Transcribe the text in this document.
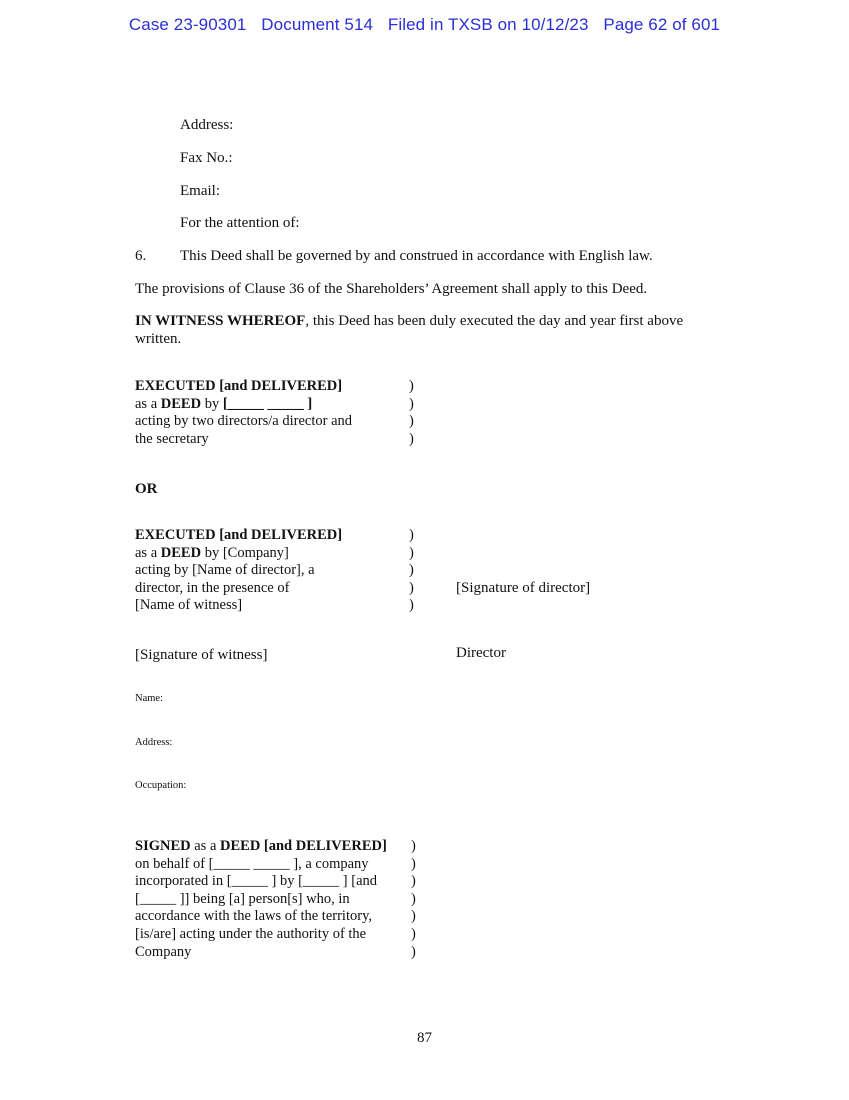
Case 23-90301 Document 514 Filed in TXSB on 10/12/23 Page 62 of 601
Address:
Fax No.:
Email:
For the attention of:
6. This Deed shall be governed by and construed in accordance with English law.
The provisions of Clause 36 of the Shareholders’ Agreement shall apply to this Deed.
IN WITNESS WHEREOF, this Deed has been duly executed the day and year first above written.
EXECUTED [and DELIVERED]
as a DEED by [_____ _____ ]
acting by two directors/a director and
the secretary
)
)
)
)
OR
EXECUTED [and DELIVERED]
as a DEED by [Company]
acting by [Name of director], a
director, in the presence of
[Name of witness]
)
)
)
)
)
[Signature of director]
[Signature of witness]	Director
Name:
Address:
Occupation:
SIGNED as a DEED [and DELIVERED]
on behalf of [_____ _____ ], a company
incorporated in [_____ ] by [_____ ] [and
[_____ ]] being [a] person[s] who, in
accordance with the laws of the territory,
[is/are] acting under the authority of the
Company
)
)
)
)
)
)
)
87
